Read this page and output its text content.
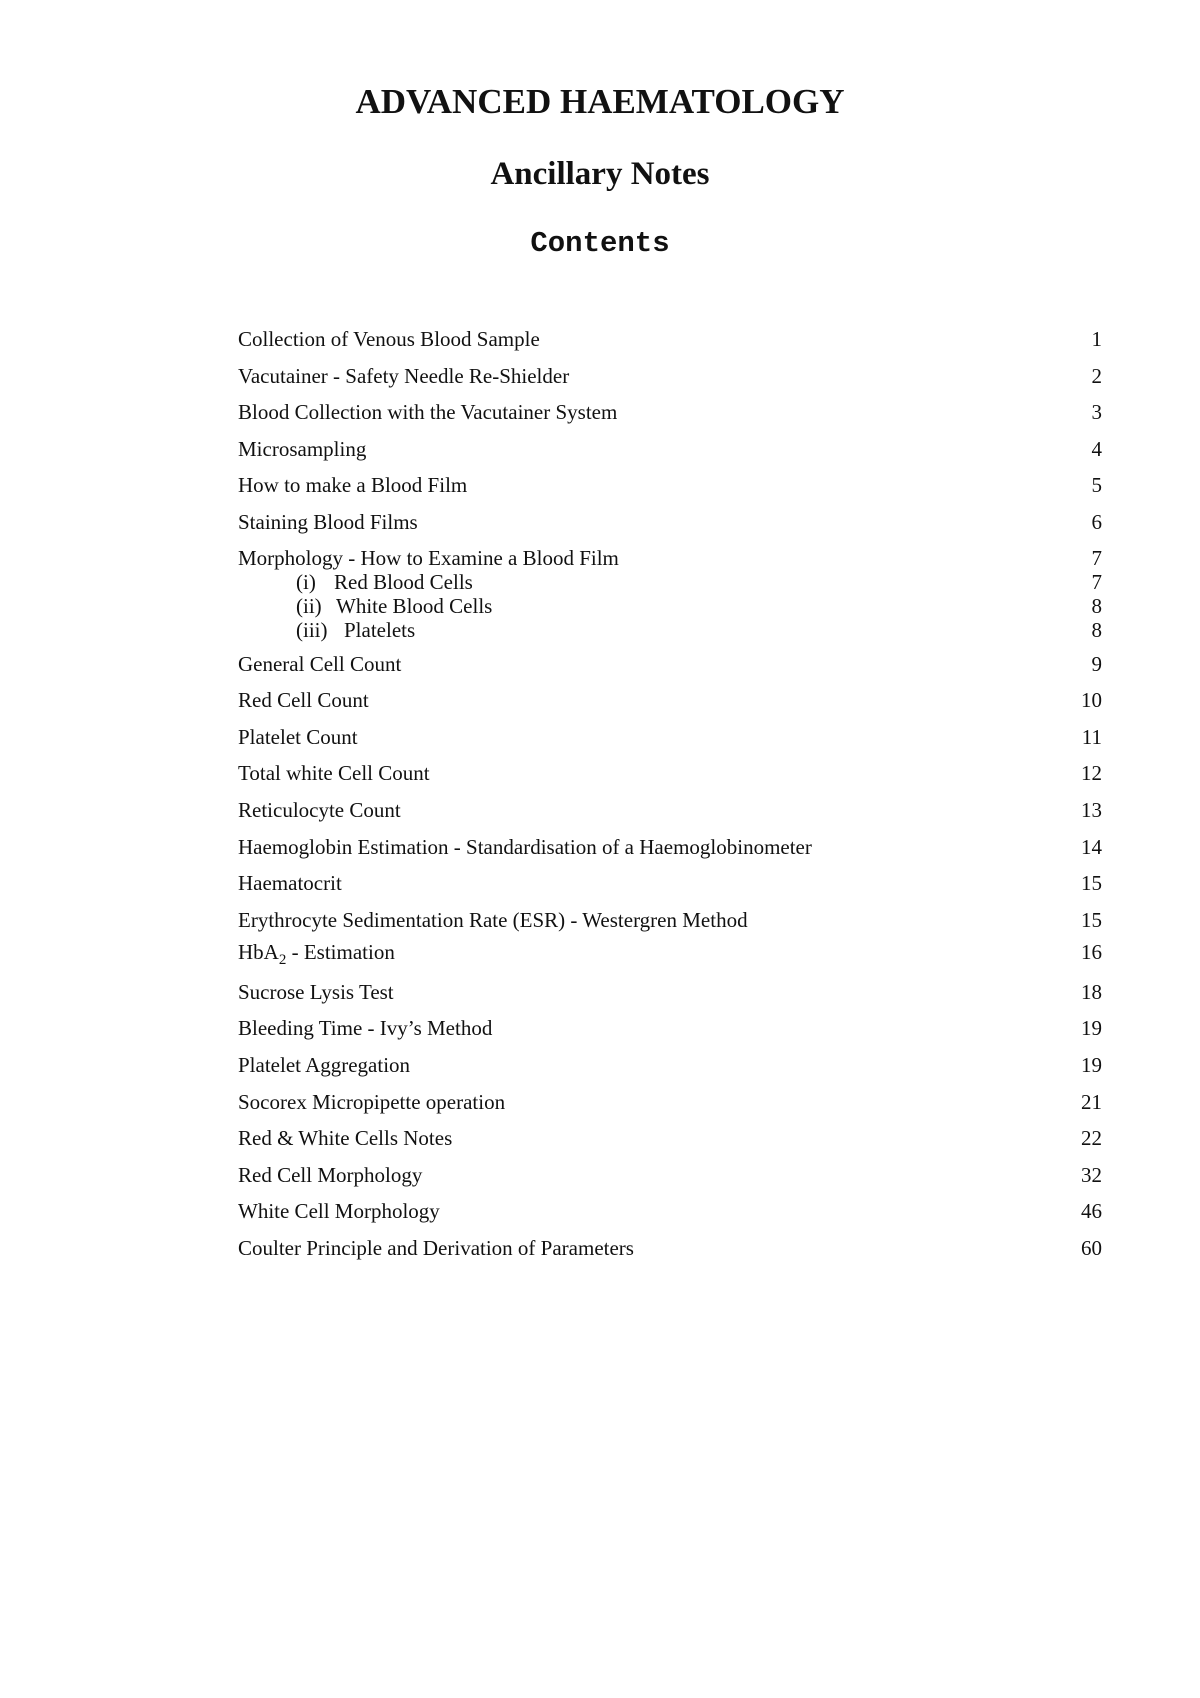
ADVANCED HAEMATOLOGY
Ancillary Notes
Contents
Collection of Venous Blood Sample	1
Vacutainer - Safety Needle Re-Shielder	2
Blood Collection with the Vacutainer System	3
Microsampling	4
How to make a Blood Film	5
Staining Blood Films	6
Morphology - How to Examine a Blood Film	7
(i) Red Blood Cells	7
(ii) White Blood Cells	8
(iii) Platelets	8
General Cell Count	9
Red Cell Count	10
Platelet Count	11
Total white Cell Count	12
Reticulocyte Count	13
Haemoglobin Estimation - Standardisation of a Haemoglobinometer	14
Haematocrit	15
Erythrocyte Sedimentation Rate (ESR) - Westergren Method	15
HbA$_2$ - Estimation	16
Sucrose Lysis Test	18
Bleeding Time - Ivy’s Method	19
Platelet Aggregation	19
Socorex Micropipette operation	21
Red & White Cells Notes	22
Red Cell Morphology	32
White Cell Morphology	46
Coulter Principle and Derivation of Parameters	60
